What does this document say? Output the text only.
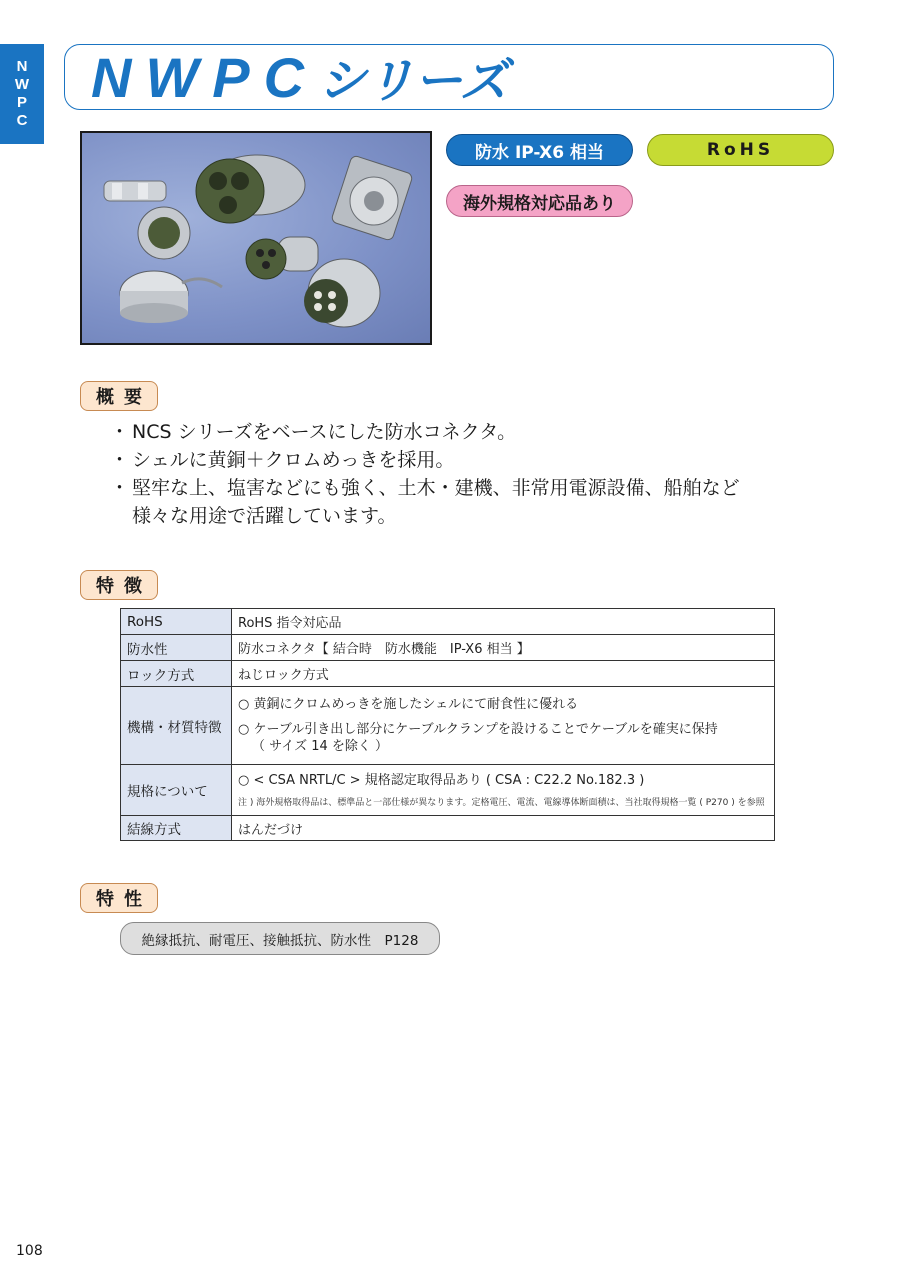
N
W
P
C
NWPCシリーズ
防水 IP-X6 相当	RoHS
海外規格対応品あり
概要
・ NCS シリーズをベースにした防水コネクタ。
・ シェルに黄銅＋クロムめっきを採用。
・ 堅牢な上、塩害などにも強く、土木・建機、非常用電源設備、船舶など 様々な用途で活躍しています。
特徴
RoHS	RoHS 指令対応品
防水性	防水コネクタ【 結合時　防水機能　IP-X6 相当 】
ロック方式	ねじロック方式
機構・材質特徴	○ 黄銅にクロムめっきを施したシェルにて耐食性に優れる
○ ケーブル引き出し部分にケーブルクランプを設けることでケーブルを確実に保持
（ サイズ 14 を除く ）

規格について	○ < CSA NRTL/C > 規格認定取得品あり ( CSA : C22.2 No.182.3 )
注 ) 海外規格取得品は、標準品と一部仕様が異なります。定格電圧、電流、電線導体断面積は、当社取得規格一覧 ( P270 ) を参照

結線方式	はんだづけ
特性
絶縁抵抗、耐電圧、接触抵抗、防水性　P128
108
